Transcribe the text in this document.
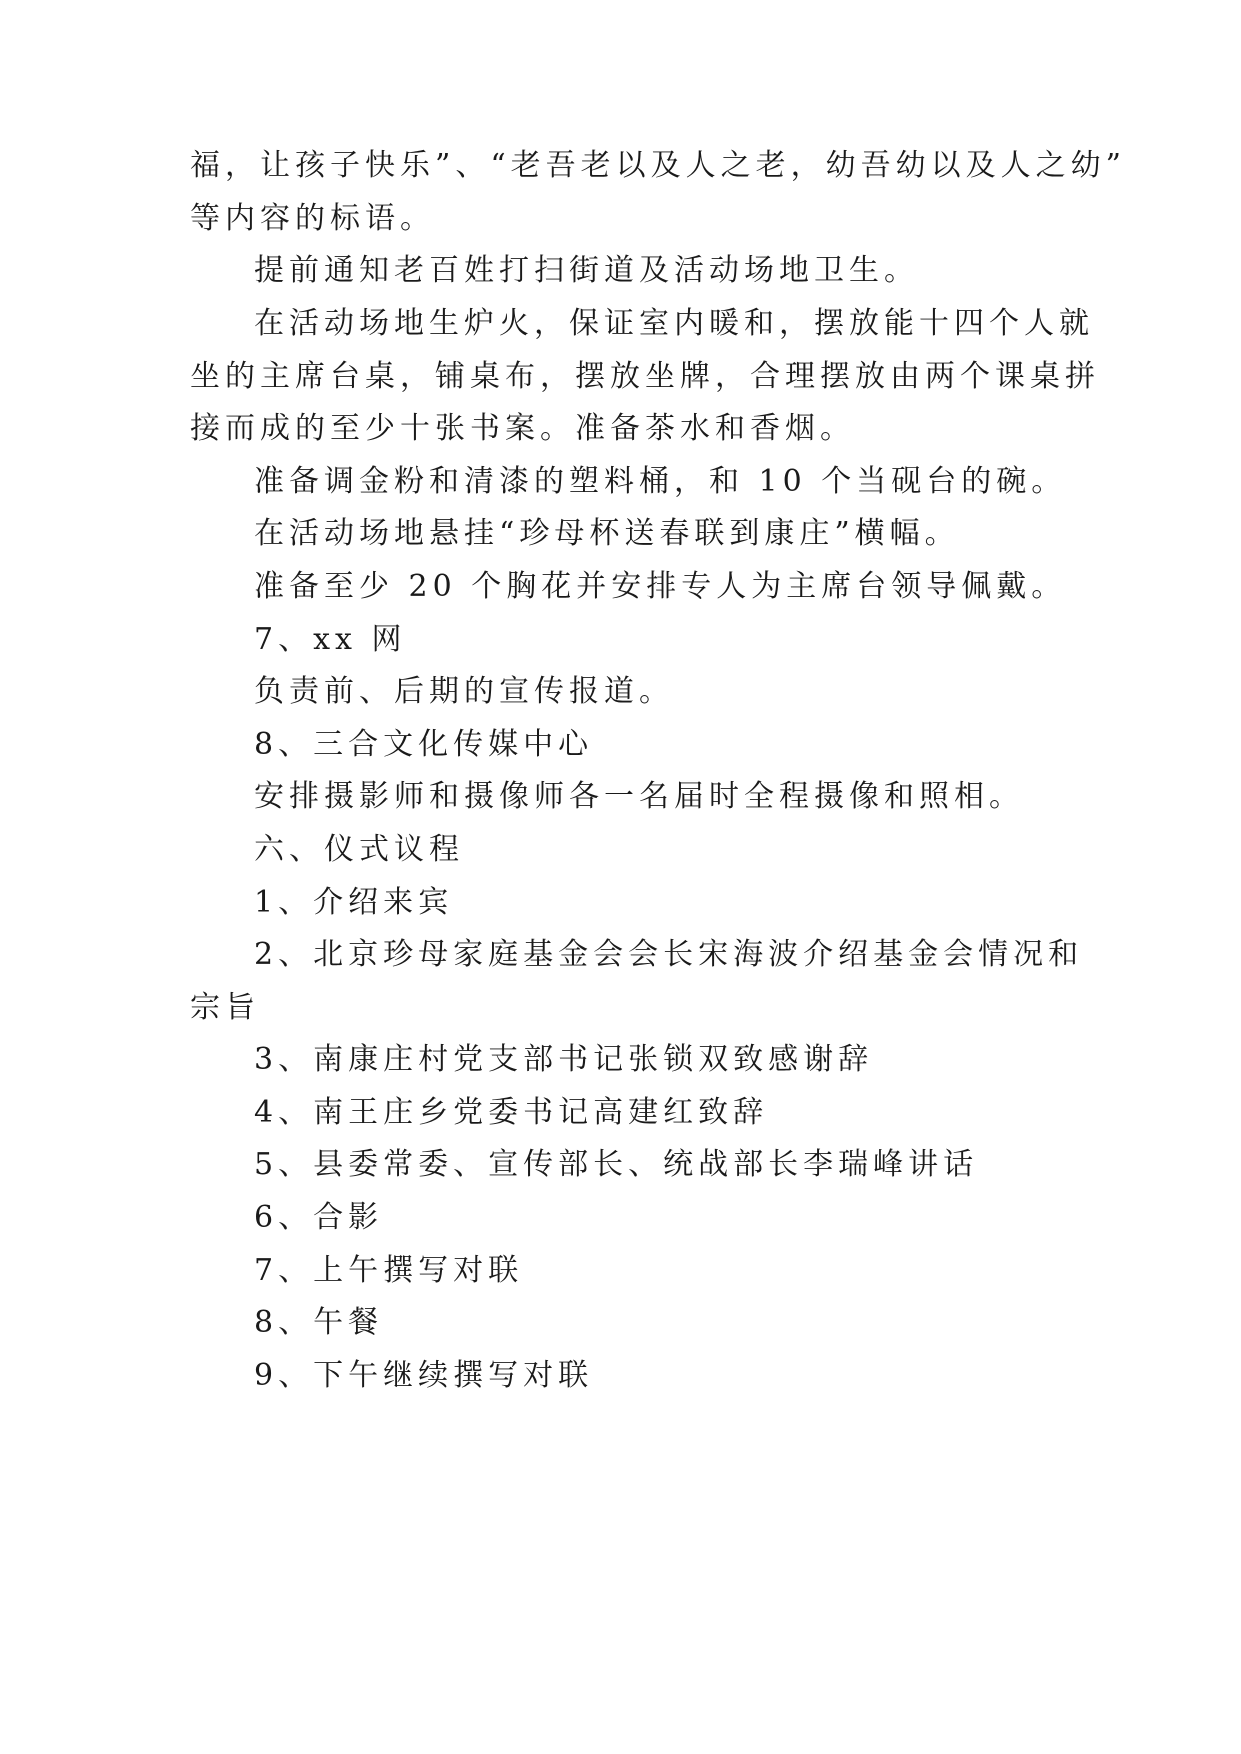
福，让孩子快乐”、“老吾老以及人之老，幼吾幼以及人之幼”
等内容的标语。
提前通知老百姓打扫街道及活动场地卫生。
在活动场地生炉火，保证室内暖和，摆放能十四个人就
坐的主席台桌，铺桌布，摆放坐牌，合理摆放由两个课桌拼
接而成的至少十张书案。准备茶水和香烟。
准备调金粉和清漆的塑料桶，和 10 个当砚台的碗。
在活动场地悬挂“珍母杯送春联到康庄”横幅。
准备至少 20 个胸花并安排专人为主席台领导佩戴。
7、xx 网
负责前、后期的宣传报道。
8、三合文化传媒中心
安排摄影师和摄像师各一名届时全程摄像和照相。
六、仪式议程
1、介绍来宾
2、北京珍母家庭基金会会长宋海波介绍基金会情况和
宗旨
3、南康庄村党支部书记张锁双致感谢辞
4、南王庄乡党委书记高建红致辞
5、县委常委、宣传部长、统战部长李瑞峰讲话
6、合影
7、上午撰写对联
8、午餐
9、下午继续撰写对联
